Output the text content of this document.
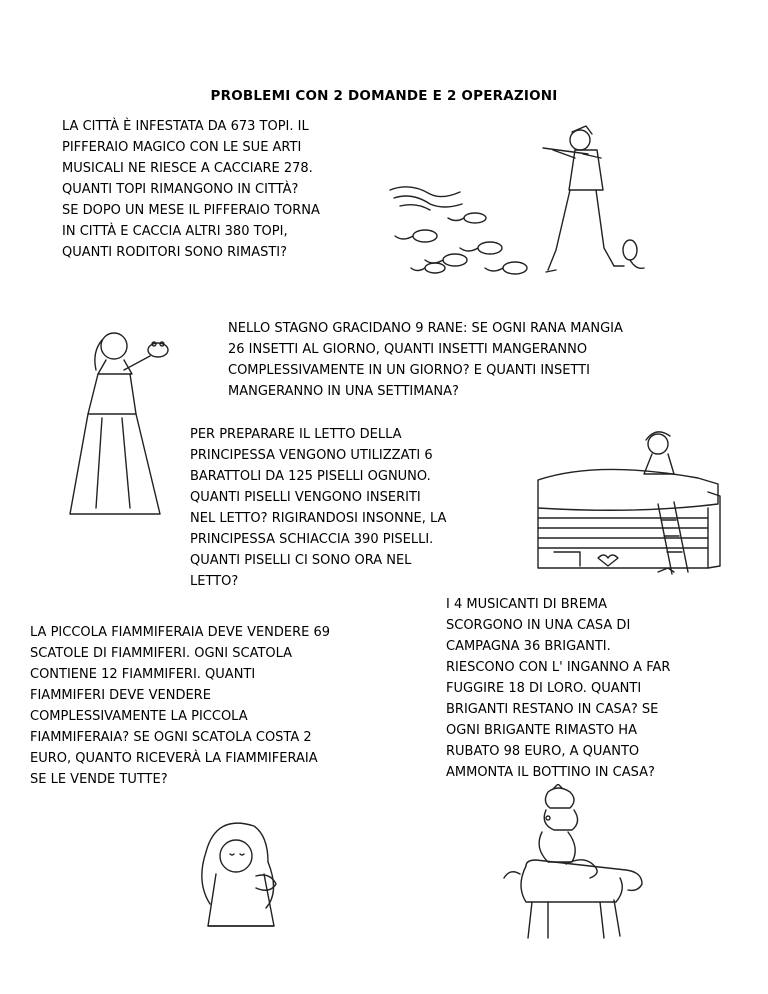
PROBLEMI CON 2 DOMANDE E 2 OPERAZIONI
LA CITTÀ È INFESTATA DA 673 TOPI. IL
PIFFERAIO MAGICO CON LE SUE ARTI
MUSICALI NE RIESCE A CACCIARE 278.
QUANTI TOPI RIMANGONO IN CITTÀ?
SE DOPO UN MESE IL PIFFERAIO TORNA
IN CITTÀ E CACCIA ALTRI 380 TOPI,
QUANTI RODITORI SONO RIMASTI?
NELLO STAGNO GRACIDANO 9 RANE: SE OGNI RANA MANGIA
26 INSETTI AL GIORNO, QUANTI INSETTI MANGERANNO
COMPLESSIVAMENTE IN UN GIORNO? E QUANTI INSETTI
MANGERANNO IN UNA SETTIMANA?
PER PREPARARE IL LETTO DELLA
PRINCIPESSA VENGONO UTILIZZATI 6
BARATTOLI DA 125 PISELLI OGNUNO.
QUANTI PISELLI VENGONO INSERITI
NEL LETTO? RIGIRANDOSI INSONNE, LA
PRINCIPESSA SCHIACCIA 390 PISELLI.
QUANTI PISELLI CI SONO ORA NEL
LETTO?
LA PICCOLA FIAMMIFERAIA DEVE VENDERE 69
SCATOLE DI FIAMMIFERI. OGNI SCATOLA
CONTIENE 12 FIAMMIFERI. QUANTI
FIAMMIFERI DEVE VENDERE
COMPLESSIVAMENTE LA PICCOLA
FIAMMIFERAIA? SE OGNI SCATOLA COSTA 2
EURO, QUANTO RICEVERÀ LA FIAMMIFERAIA
SE LE VENDE TUTTE?
I 4 MUSICANTI DI BREMA
SCORGONO IN UNA CASA DI
CAMPAGNA 36 BRIGANTI.
RIESCONO CON L' INGANNO A FAR
FUGGIRE 18 DI LORO. QUANTI
BRIGANTI RESTANO IN CASA? SE
OGNI BRIGANTE RIMASTO HA
RUBATO 98 EURO, A QUANTO
AMMONTA IL BOTTINO IN CASA?
